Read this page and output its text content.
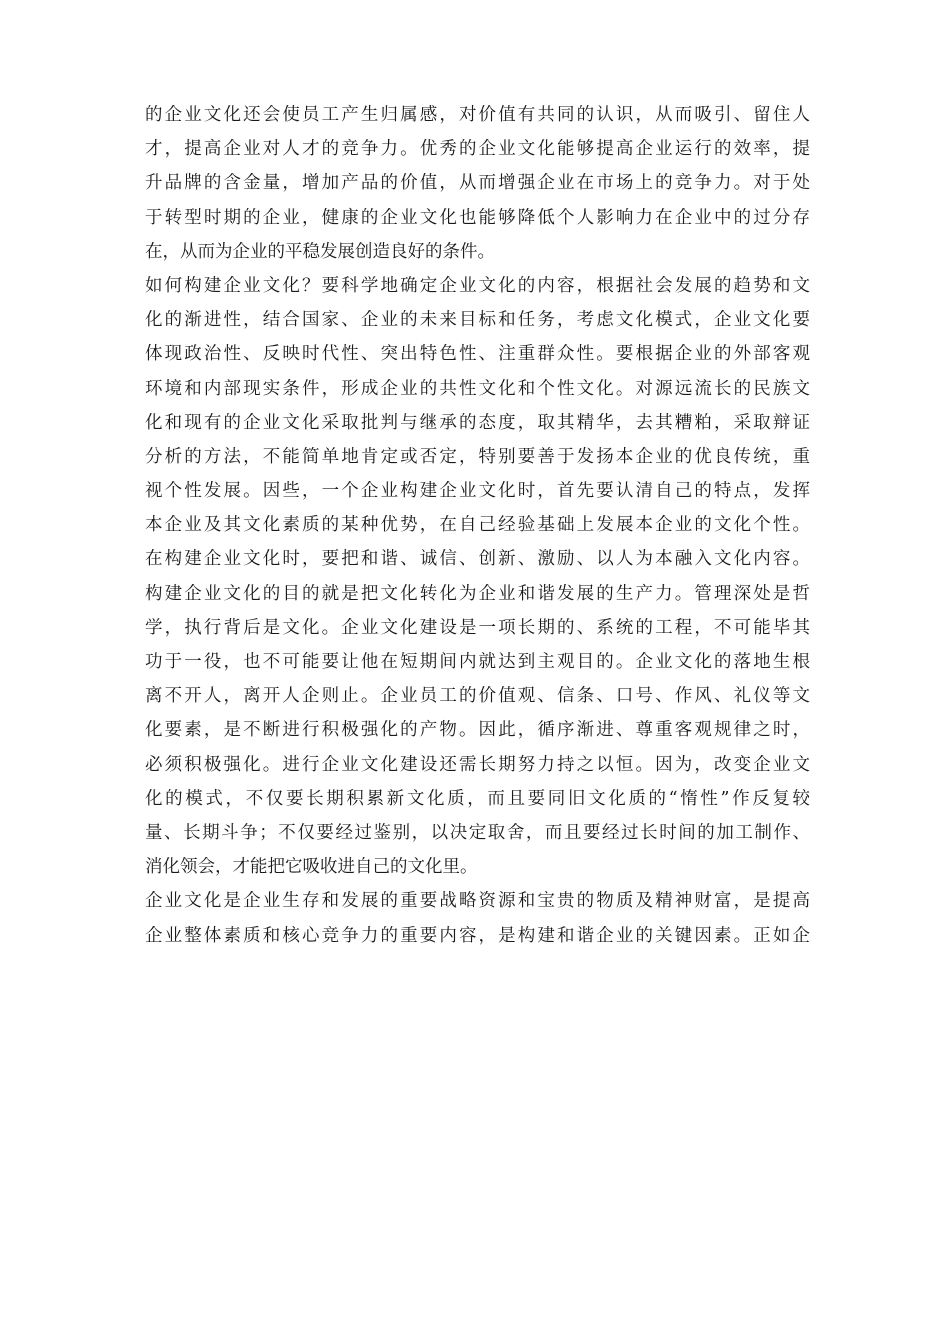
的企业文化还会使员工产生归属感，对价值有共同的认识，从而吸引、留住人
才，提高企业对人才的竞争力。优秀的企业文化能够提高企业运行的效率，提
升品牌的含金量，增加产品的价值，从而增强企业在市场上的竞争力。对于处
于转型时期的企业，健康的企业文化也能够降低个人影响力在企业中的过分存
在，从而为企业的平稳发展创造良好的条件。
如何构建企业文化？要科学地确定企业文化的内容，根据社会发展的趋势和文
化的渐进性，结合国家、企业的未来目标和任务，考虑文化模式，企业文化要
体现政治性、反映时代性、突出特色性、注重群众性。要根据企业的外部客观
环境和内部现实条件，形成企业的共性文化和个性文化。对源远流长的民族文
化和现有的企业文化采取批判与继承的态度，取其精华，去其糟粕，采取辩证
分析的方法，不能简单地肯定或否定，特别要善于发扬本企业的优良传统，重
视个性发展。因些，一个企业构建企业文化时，首先要认清自己的特点，发挥
本企业及其文化素质的某种优势，在自己经验基础上发展本企业的文化个性。
在构建企业文化时，要把和谐、诚信、创新、激励、以人为本融入文化内容。
构建企业文化的目的就是把文化转化为企业和谐发展的生产力。管理深处是哲
学，执行背后是文化。企业文化建设是一项长期的、系统的工程，不可能毕其
功于一役，也不可能要让他在短期间内就达到主观目的。企业文化的落地生根
离不开人，离开人企则止。企业员工的价值观、信条、口号、作风、礼仪等文
化要素，是不断进行积极强化的产物。因此，循序渐进、尊重客观规律之时，
必须积极强化。进行企业文化建设还需长期努力持之以恒。因为，改变企业文
化的模式，不仅要长期积累新文化质，而且要同旧文化质的“惰性”作反复较
量、长期斗争；不仅要经过鉴别，以决定取舍，而且要经过长时间的加工制作、
消化领会，才能把它吸收进自己的文化里。
企业文化是企业生存和发展的重要战略资源和宝贵的物质及精神财富，是提高
企业整体素质和核心竞争力的重要内容，是构建和谐企业的关键因素。正如企
